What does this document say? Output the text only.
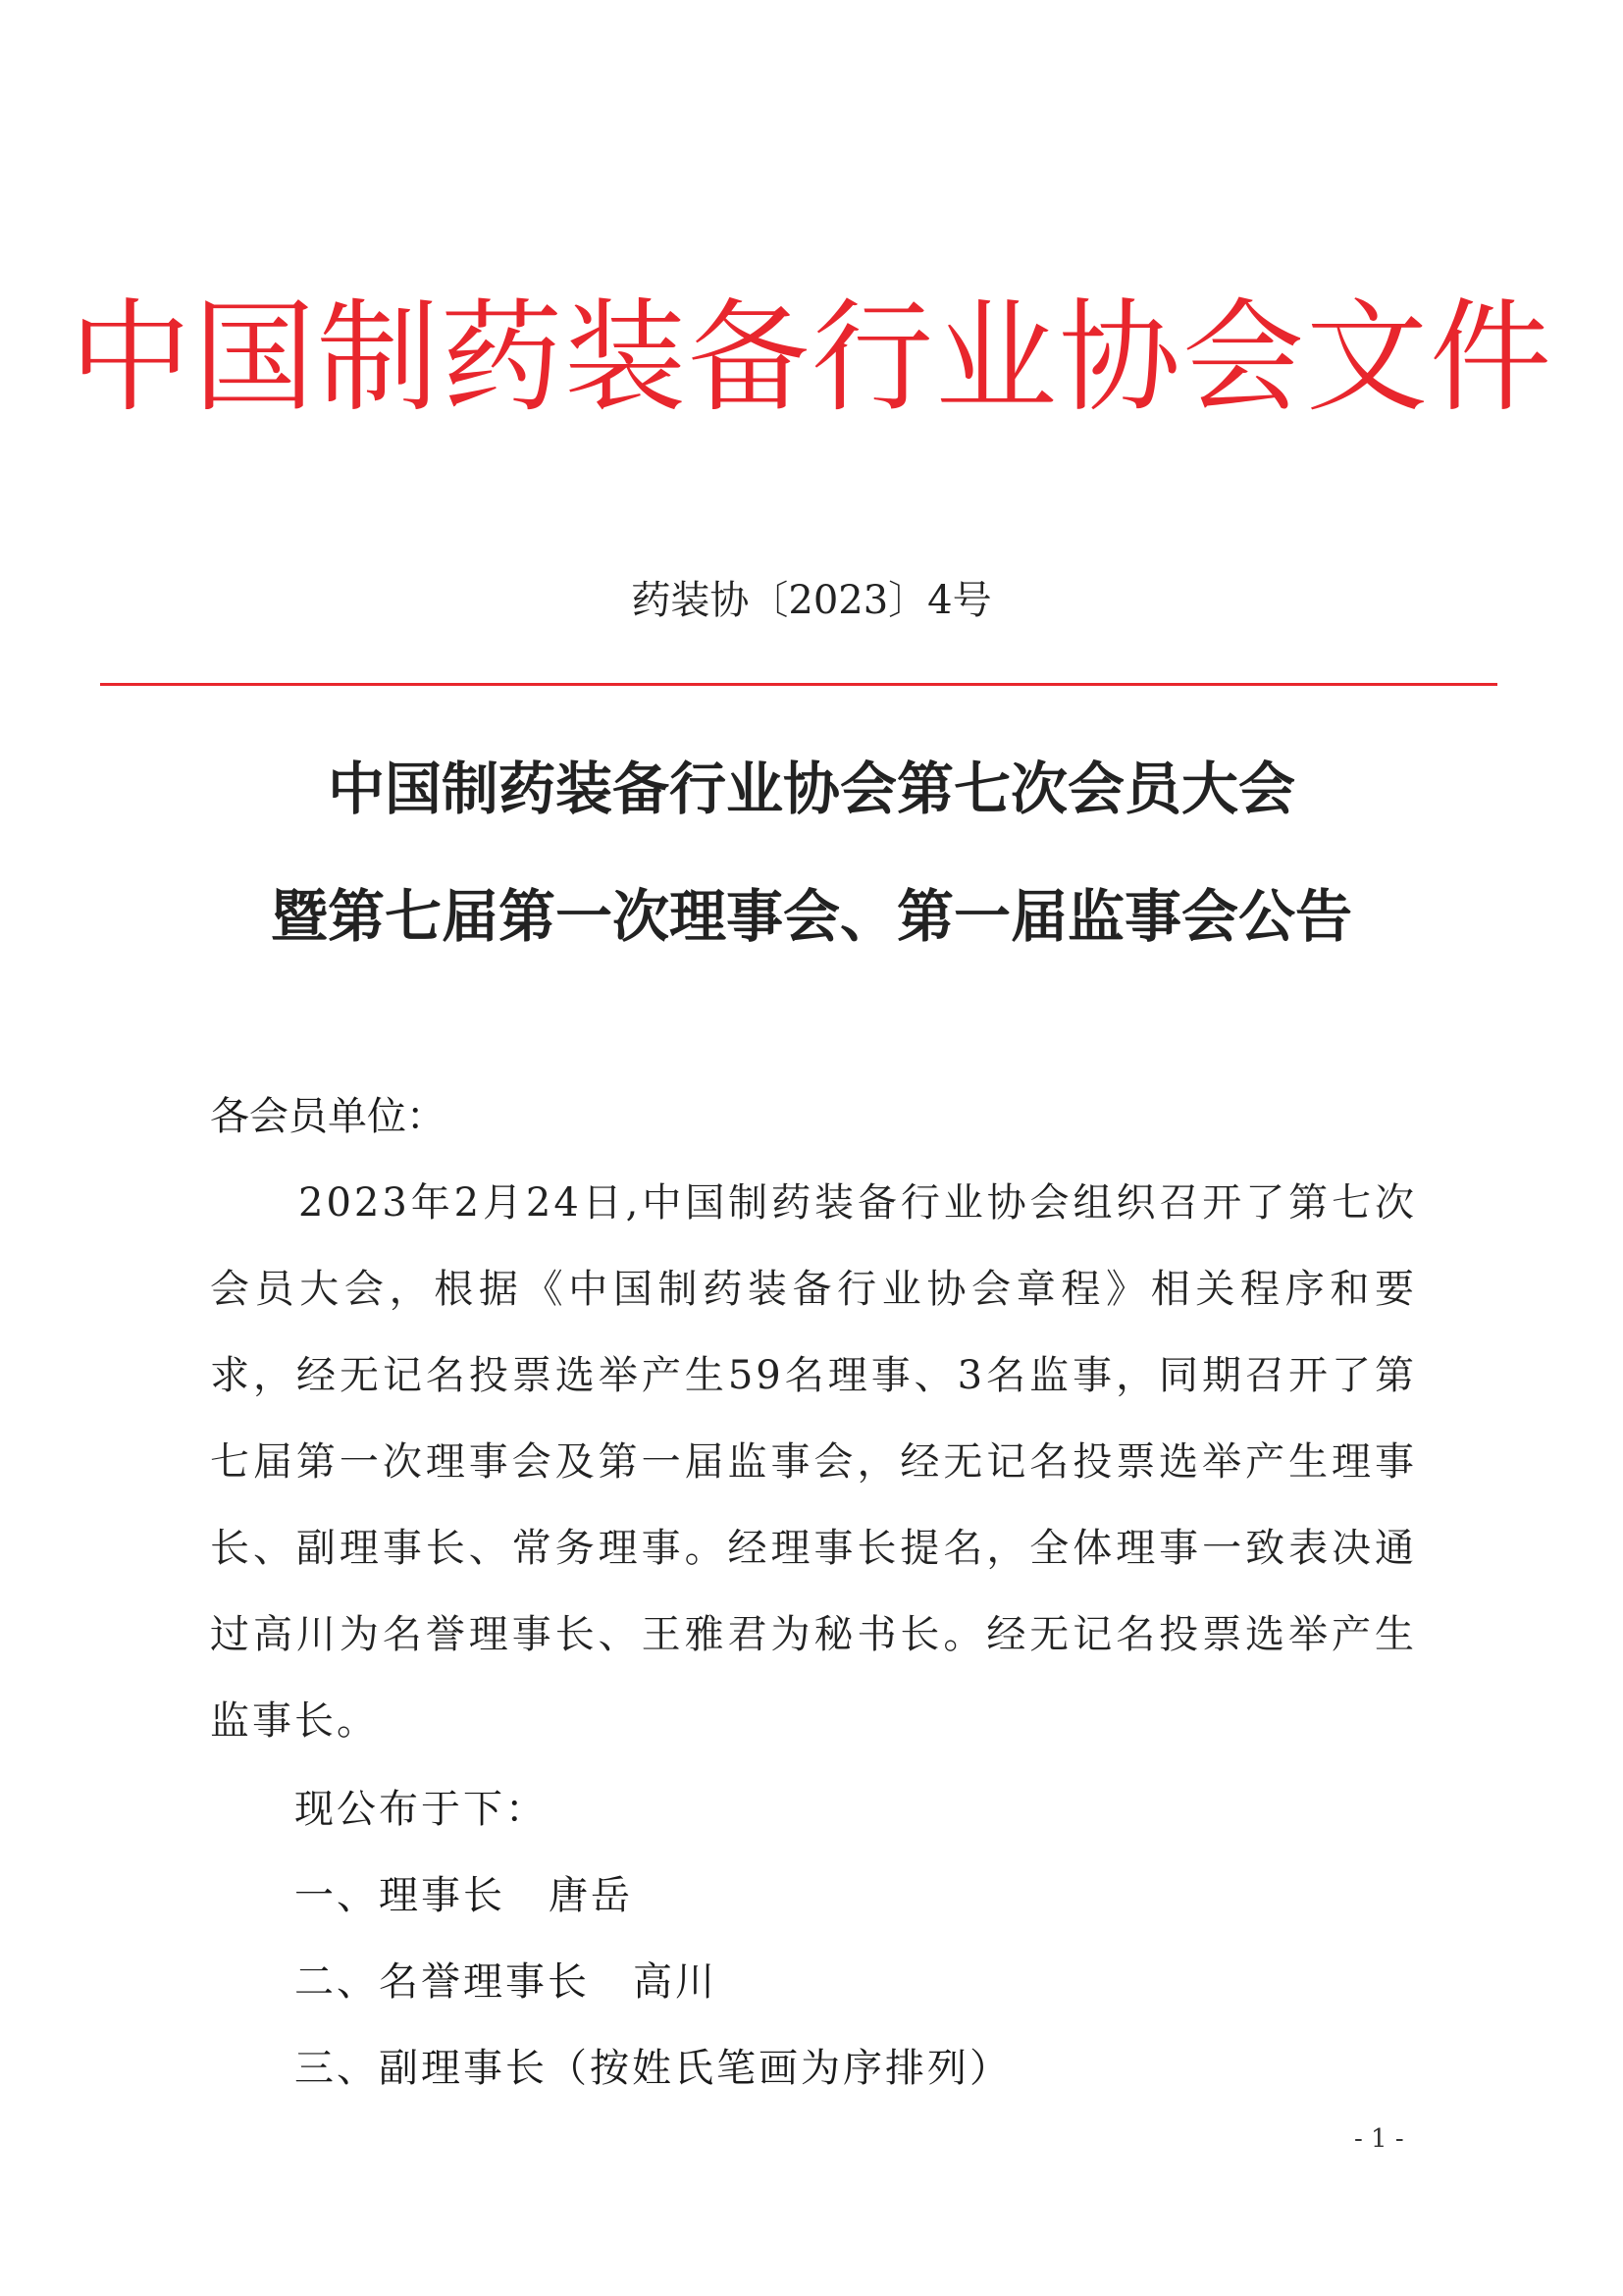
中国制药装备行业协会文件
药装协〔2023〕4号
中国制药装备行业协会第七次会员大会
暨第七届第一次理事会、第一届监事会公告
各会员单位：
2023年2月24日,中国制药装备行业协会组织召开了第七次会员大会，根据《中国制药装备行业协会章程》相关程序和要求，经无记名投票选举产生59名理事、3名监事，同期召开了第七届第一次理事会及第一届监事会，经无记名投票选举产生理事长、副理事长、常务理事。经理事长提名，全体理事一致表决通过高川为名誉理事长、王雅君为秘书长。经无记名投票选举产生监事长。
现公布于下：
一、理事长 唐岳
二、名誉理事长 高川
三、副理事长（按姓氏笔画为序排列）
- 1 -
